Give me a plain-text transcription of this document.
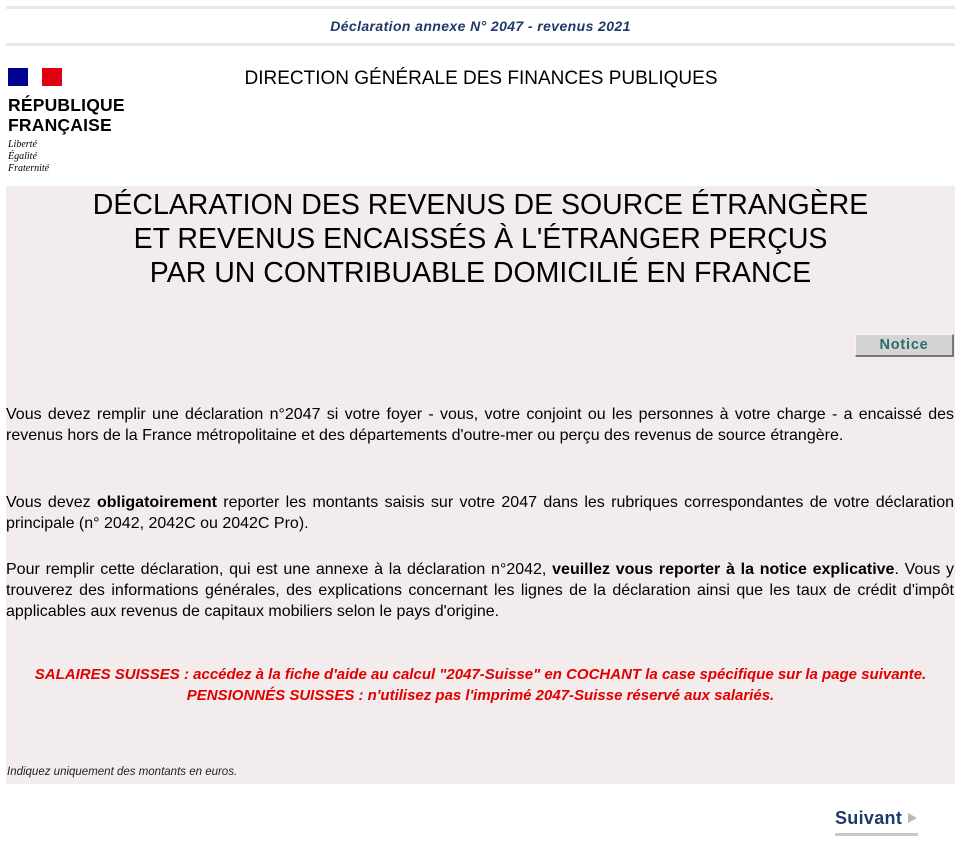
Déclaration annexe N° 2047 - revenus 2021
RÉPUBLIQUE
FRANÇAISE
Liberté
Égalité
Fraternité
DIRECTION GÉNÉRALE DES FINANCES PUBLIQUES
DÉCLARATION DES REVENUS DE SOURCE ÉTRANGÈRE
ET REVENUS ENCAISSÉS À L'ÉTRANGER PERÇUS
PAR UN CONTRIBUABLE DOMICILIÉ EN FRANCE
Notice
Vous devez remplir une déclaration n°2047 si votre foyer - vous, votre conjoint ou les personnes à votre charge - a encaissé des revenus hors de la France métropolitaine et des départements d'outre-mer ou perçu des revenus de source étrangère.
Vous devez obligatoirement reporter les montants saisis sur votre 2047 dans les rubriques correspondantes de votre déclaration principale (n° 2042, 2042C ou 2042C Pro).
Pour remplir cette déclaration, qui est une annexe à la déclaration n°2042, veuillez vous reporter à la notice explicative. Vous y trouverez des informations générales, des explications concernant les lignes de la déclaration ainsi que les taux de crédit d'impôt applicables aux revenus de capitaux mobiliers selon le pays d'origine.
SALAIRES SUISSES : accédez à la fiche d'aide au calcul "2047-Suisse" en COCHANT la case spécifique sur la page suivante.
PENSIONNÉS SUISSES : n'utilisez pas l'imprimé 2047-Suisse réservé aux salariés.
Indiquez uniquement des montants en euros.
Suivant
